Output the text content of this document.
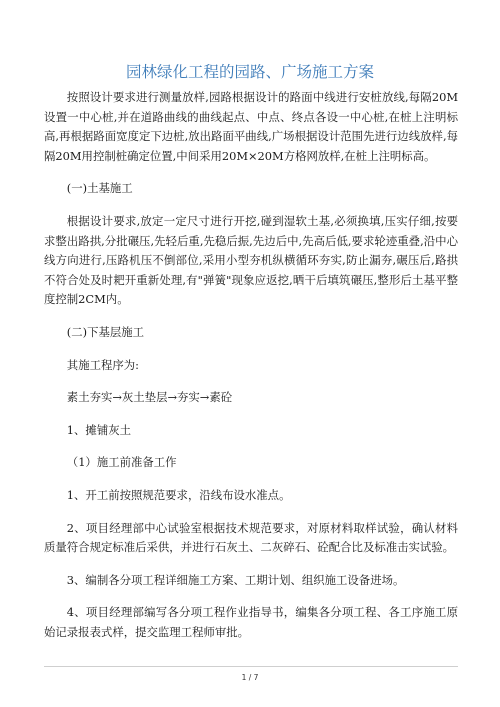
园林绿化工程的园路、广场施工方案

按照设计要求进行测量放样,园路根据设计的路面中线进行安桩放线,每隔20M设置一中心桩,并在道路曲线的曲线起点、中点、终点各设一中心桩,在桩上注明标高,再根据路面宽度定下边桩,放出路面平曲线,广场根据设计范围先进行边线放样,每隔20M用控制桩确定位置,中间采用20M×20M方格网放样,在桩上注明标高。

(一)土基施工

根据设计要求,放定一定尺寸进行开挖,碰到湿软土基,必须换填,压实仔细,按要求整出路拱,分批碾压,先轻后重,先稳后振,先边后中,先高后低,要求轮迹重叠,沿中心线方向进行,压路机压不倒部位,采用小型夯机纵横循环夯实,防止漏夯,碾压后,路拱不符合处及时耙开重新处理,有"弹簧"现象应返挖,晒干后填筑碾压,整形后土基平整度控制2CM内。

(二)下基层施工

其施工程序为:

素土夯实→灰土垫层→夯实→素砼

1、摊铺灰土

（1）施工前准备工作

1、开工前按照规范要求，沿线布设水准点。

2、项目经理部中心试验室根据技术规范要求，对原材料取样试验，确认材料质量符合规定标准后采供，并进行石灰土、二灰碎石、砼配合比及标准击实试验。

3、编制各分项工程详细施工方案、工期计划、组织施工设备进场。

4、项目经理部编写各分项工程作业指导书，编集各分项工程、各工序施工原始记录报表式样，提交监理工程师审批。

1 / 7
